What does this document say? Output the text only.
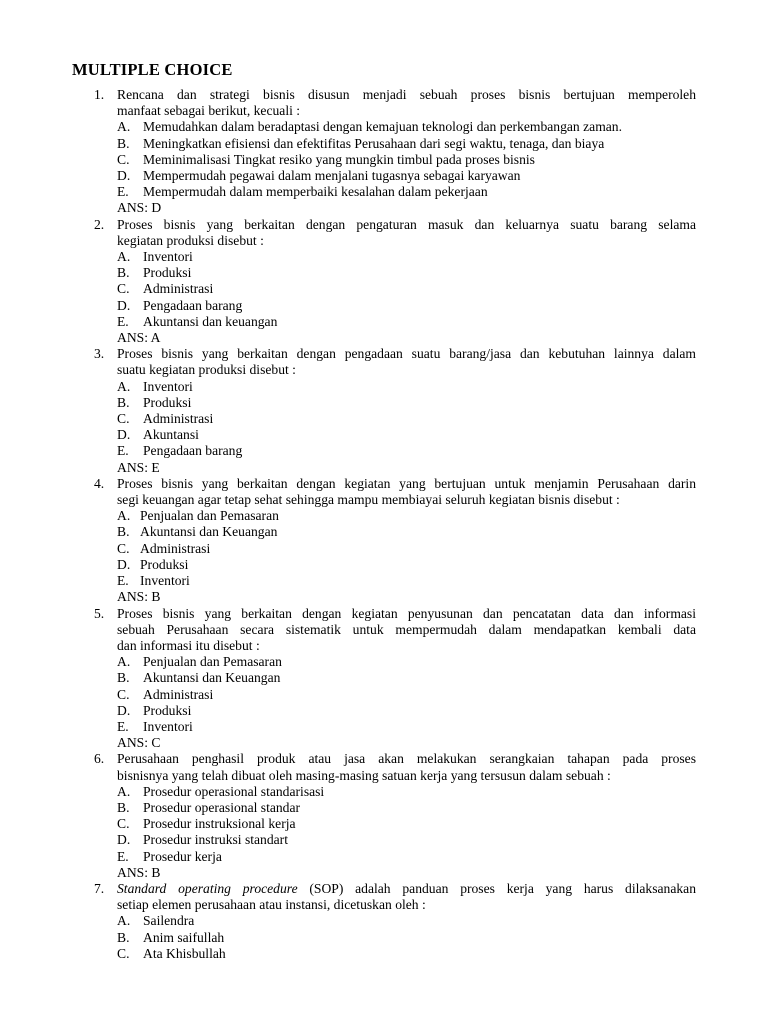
MULTIPLE CHOICE
1. Rencana dan strategi bisnis disusun menjadi sebuah proses bisnis bertujuan memperoleh
manfaat sebagai berikut, kecuali :
A. Memudahkan dalam beradaptasi dengan kemajuan teknologi dan perkembangan zaman.
B. Meningkatkan efisiensi dan efektifitas Perusahaan dari segi waktu, tenaga, dan biaya
C. Meminimalisasi Tingkat resiko yang mungkin timbul pada proses bisnis
D. Mempermudah pegawai dalam menjalani tugasnya sebagai karyawan
E. Mempermudah dalam memperbaiki kesalahan dalam pekerjaan
ANS: D
2. Proses bisnis yang berkaitan dengan pengaturan masuk dan keluarnya suatu barang selama
kegiatan produksi disebut :
A. Inventori
B. Produksi
C. Administrasi
D. Pengadaan barang
E. Akuntansi dan keuangan
ANS: A
3. Proses bisnis yang berkaitan dengan pengadaan suatu barang/jasa dan kebutuhan lainnya dalam
suatu kegiatan produksi disebut :
A. Inventori
B. Produksi
C. Administrasi
D. Akuntansi
E. Pengadaan barang
ANS: E
4. Proses bisnis yang berkaitan dengan kegiatan yang bertujuan untuk menjamin Perusahaan darin
segi keuangan agar tetap sehat sehingga mampu membiayai seluruh kegiatan bisnis disebut :
A. Penjualan dan Pemasaran
B. Akuntansi dan Keuangan
C. Administrasi
D. Produksi
E. Inventori
ANS: B
5. Proses bisnis yang berkaitan dengan kegiatan penyusunan dan pencatatan data dan informasi
sebuah Perusahaan secara sistematik untuk mempermudah dalam mendapatkan kembali data
dan informasi itu disebut :
A. Penjualan dan Pemasaran
B. Akuntansi dan Keuangan
C. Administrasi
D. Produksi
E. Inventori
ANS: C
6. Perusahaan penghasil produk atau jasa akan melakukan serangkaian tahapan pada proses
bisnisnya yang telah dibuat oleh masing-masing satuan kerja yang tersusun dalam sebuah :
A. Prosedur operasional standarisasi
B. Prosedur operasional standar
C. Prosedur instruksional kerja
D. Prosedur instruksi standart
E. Prosedur kerja
ANS: B
7. Standard operating procedure (SOP) adalah panduan proses kerja yang harus dilaksanakan
setiap elemen perusahaan atau instansi, dicetuskan oleh :
A. Sailendra
B. Anim saifullah
C. Ata Khisbullah
